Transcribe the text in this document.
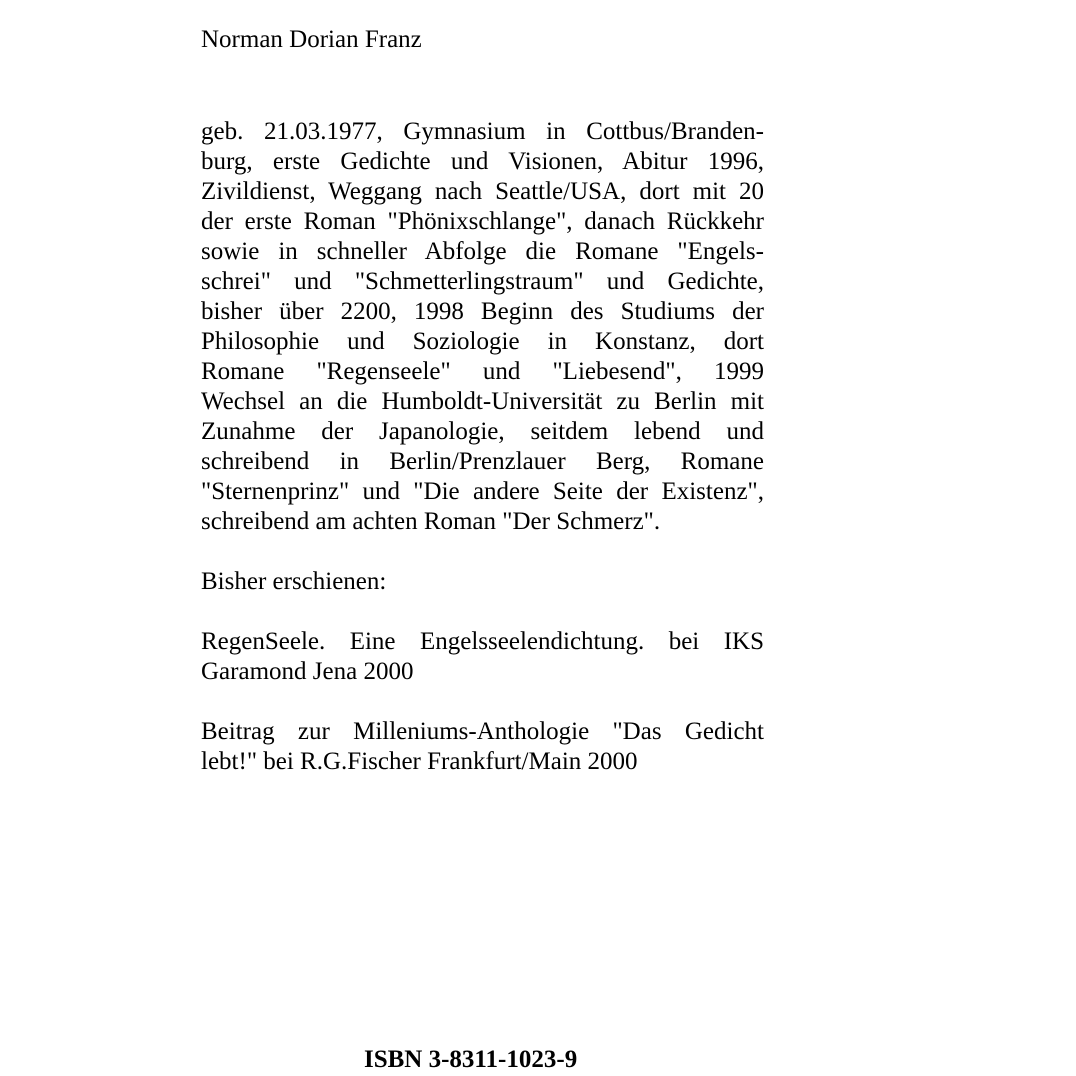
Norman Dorian Franz
geb. 21.03.1977, Gymnasium in Cottbus/Branden-
burg, erste Gedichte und Visionen, Abitur 1996,
Zivildienst, Weggang nach Seattle/USA, dort mit 20
der erste Roman "Phönixschlange", danach Rückkehr
sowie in schneller Abfolge die Romane "Engels-
schrei" und "Schmetterlingstraum" und Gedichte,
bisher über 2200, 1998 Beginn des Studiums der
Philosophie und Soziologie in Konstanz, dort
Romane "Regenseele" und "Liebesend", 1999
Wechsel an die Humboldt-Universität zu Berlin mit
Zunahme der Japanologie, seitdem lebend und
schreibend in Berlin/Prenzlauer Berg, Romane
"Sternenprinz" und "Die andere Seite der Existenz",
schreibend am achten Roman "Der Schmerz".
Bisher erschienen:
RegenSeele. Eine Engelsseelendichtung. bei IKS
Garamond Jena 2000
Beitrag zur Milleniums-Anthologie "Das Gedicht
lebt!" bei R.G.Fischer Frankfurt/Main 2000
ISBN 3-8311-1023-9
